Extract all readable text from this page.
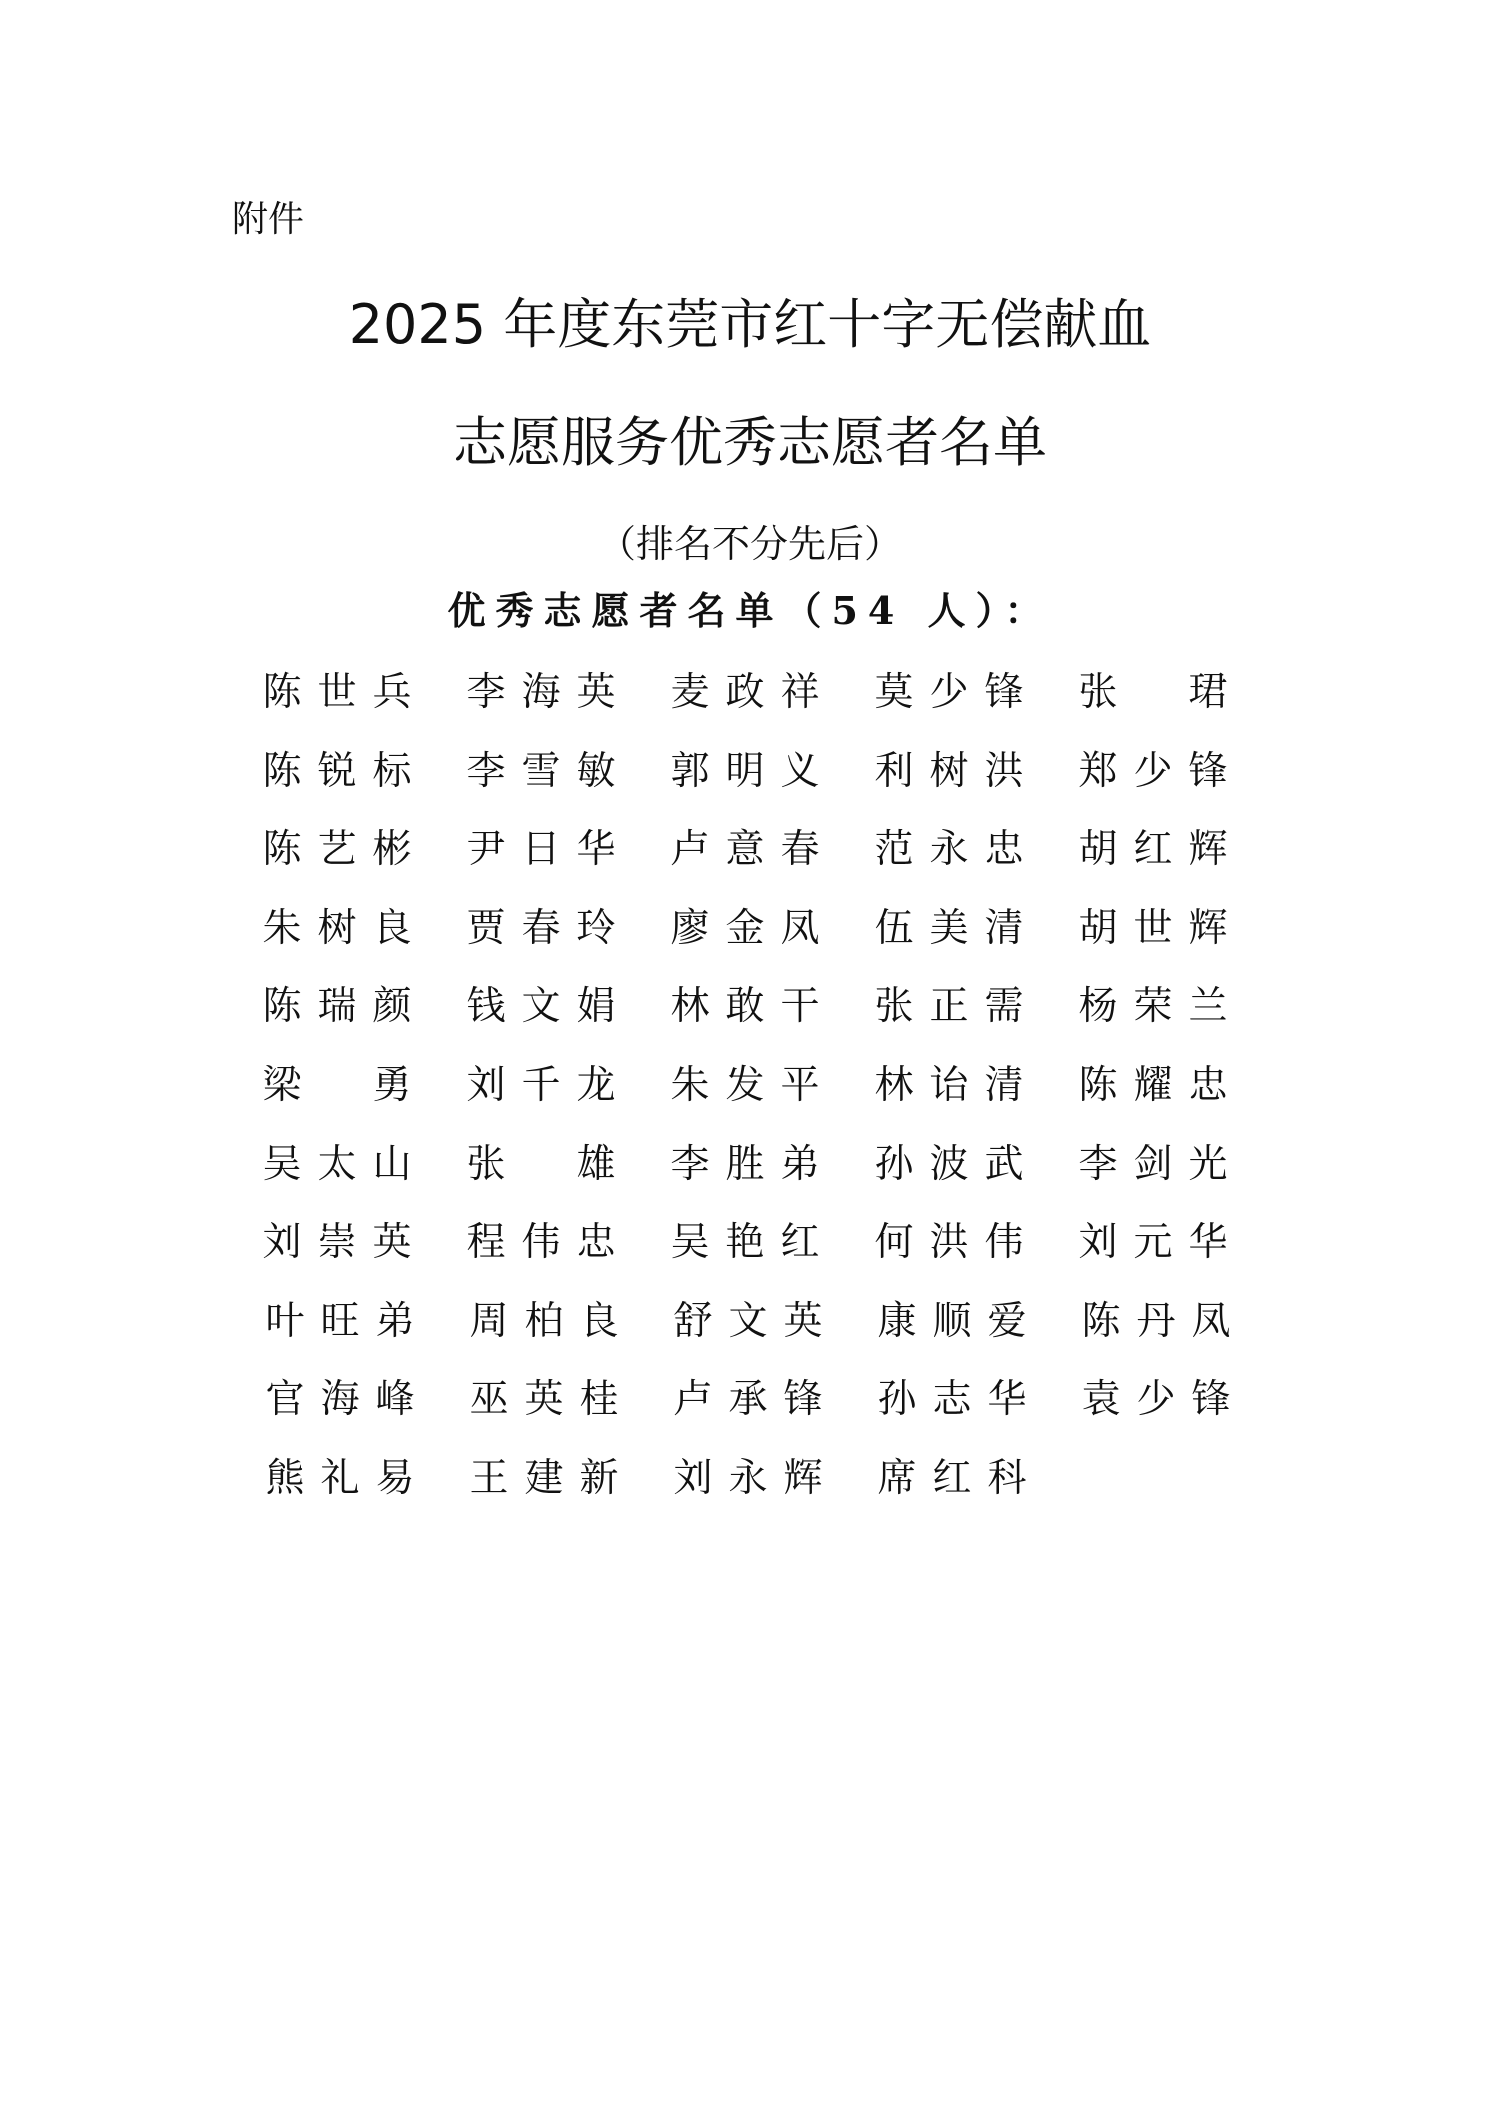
附件
2025 年度东莞市红十字无偿献血
志愿服务优秀志愿者名单
（排名不分先后）
优秀志愿者名单（54 人）：
陈 世 兵 李 海 英 麦 政 祥 莫 少 锋 张 珺
陈 锐 标 李 雪 敏 郭 明 义 利 树 洪 郑 少 锋
陈 艺 彬 尹 日 华 卢 意 春 范 永 忠 胡 红 辉
朱 树 良 贾 春 玲 廖 金 凤 伍 美 清 胡 世 辉
陈 瑞 颜 钱 文 娟 林 敢 干 张 正 需 杨 荣 兰
梁 勇 刘 千 龙 朱 发 平 林 诒 清 陈 耀 忠
吴 太 山 张 雄 李 胜 弟 孙 波 武 李 剑 光
刘 崇 英 程 伟 忠 吴 艳 红 何 洪 伟 刘 元 华
叶 旺 弟 周 柏 良 舒 文 英 康 顺 爱 陈 丹 凤
官 海 峰 巫 英 桂 卢 承 锋 孙 志 华 袁 少 锋
熊 礼 易 王 建 新 刘 永 辉 席 红 科
